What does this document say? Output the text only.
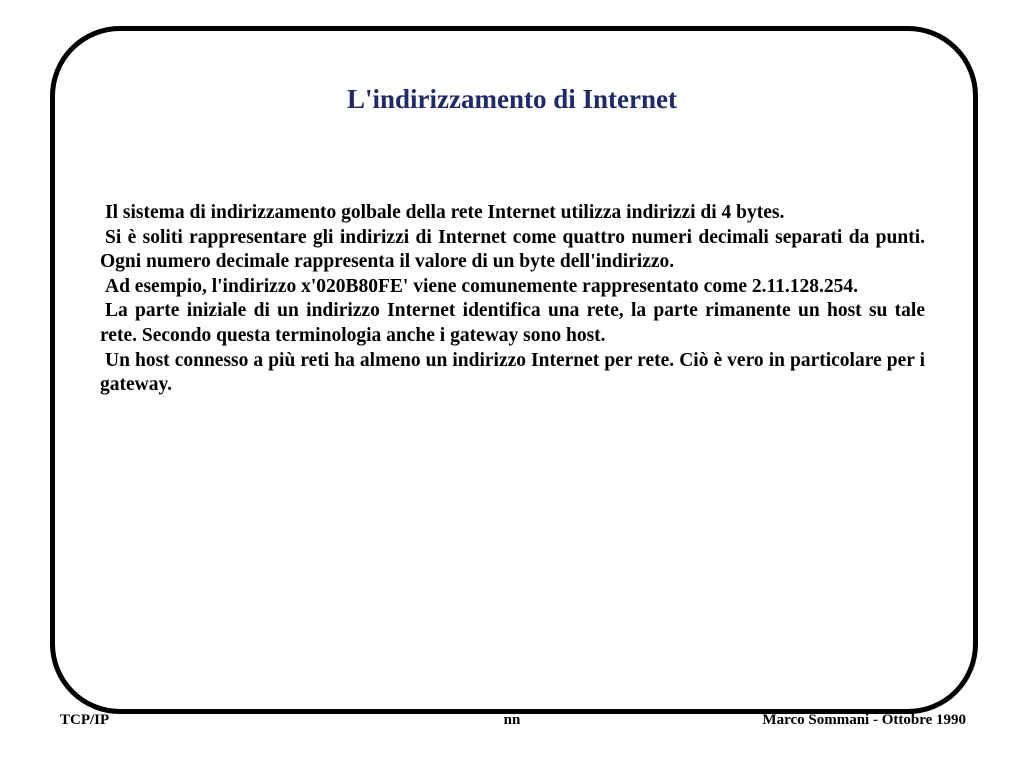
L'indirizzamento di Internet

Il sistema di indirizzamento golbale della rete Internet utilizza indirizzi di 4 bytes.

Si è soliti rappresentare gli indirizzi di Internet come quattro numeri decimali separati da punti. Ogni numero decimale rappresenta il valore di un byte dell'indirizzo.

Ad esempio, l'indirizzo x'020B80FE' viene comunemente rappresentato come 2.11.128.254.

La parte iniziale di un indirizzo Internet identifica una rete, la parte rimanente un host su tale rete. Secondo questa terminologia anche i gateway sono host.

Un host connesso a più reti ha almeno un indirizzo Internet per rete. Ciò è vero in particolare per i gateway.

TCP/IP	nn	Marco Sommani - Ottobre 1990
